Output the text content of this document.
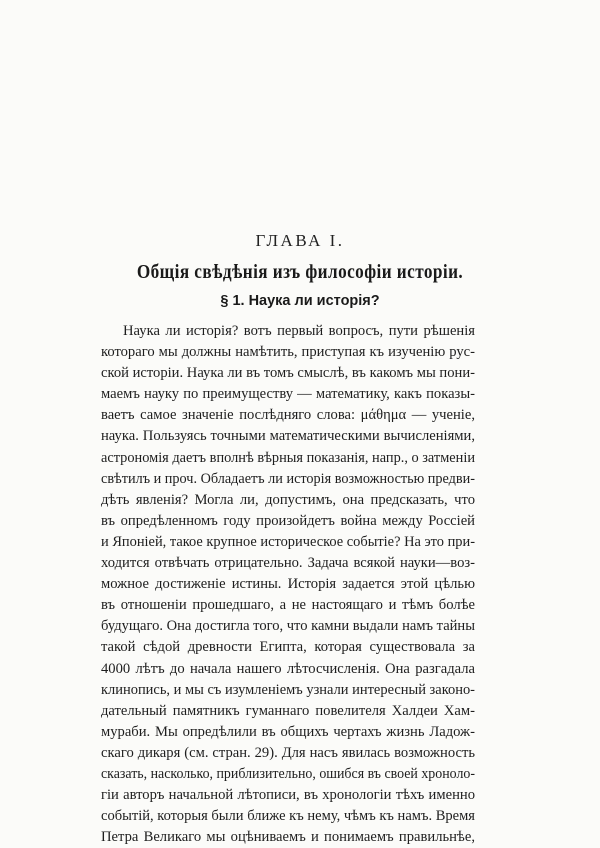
ГЛАВА I.
Общія свѣдѣнія изъ философіи исторіи.
§ 1. Наука ли исторія?
Наука ли исторія? вотъ первый вопросъ, пути рѣшенія
котораго мы должны намѣтить, приступая къ изученію рус-
ской исторіи. Наука ли въ томъ смыслѣ, въ какомъ мы пони-
маемъ науку по преимуществу — математику, какъ показы-
ваетъ самое значеніе послѣдняго слова: μάθημα — ученіе,
наука. Пользуясь точными математическими вычисленіями,
астрономія даетъ вполнѣ вѣрныя показанія, напр., о затменіи
свѣтилъ и проч. Обладаетъ ли исторія возможностью предви-
дѣть явленія? Могла ли, допустимъ, она предсказать, что
въ опредѣленномъ году произойдетъ война между Россіей
и Японіей, такое крупное историческое событіе? На это при-
ходится отвѣчать отрицательно. Задача всякой науки—воз-
можное достиженіе истины. Исторія задается этой цѣлью
въ отношеніи прошедшаго, а не настоящаго и тѣмъ болѣе
будущаго. Она достигла того, что камни выдали намъ тайны
такой сѣдой древности Египта, которая существовала за
4000 лѣтъ до начала нашего лѣтосчисленія. Она разгадала
клинопись, и мы съ изумленіемъ узнали интересный законо-
дательный памятникъ гуманнаго повелителя Халдеи Хам-
мураби. Мы опредѣлили въ общихъ чертахъ жизнь Ладож-
скаго дикаря (см. стран. 29). Для насъ явилась возможность
сказать, насколько, приблизительно, ошибся въ своей хроноло-
гіи авторъ начальной лѣтописи, въ хронологіи тѣхъ именно
событій, которыя были ближе къ нему, чѣмъ къ намъ. Время
Петра Великаго мы оцѣниваемъ и понимаемъ правильнѣе,
